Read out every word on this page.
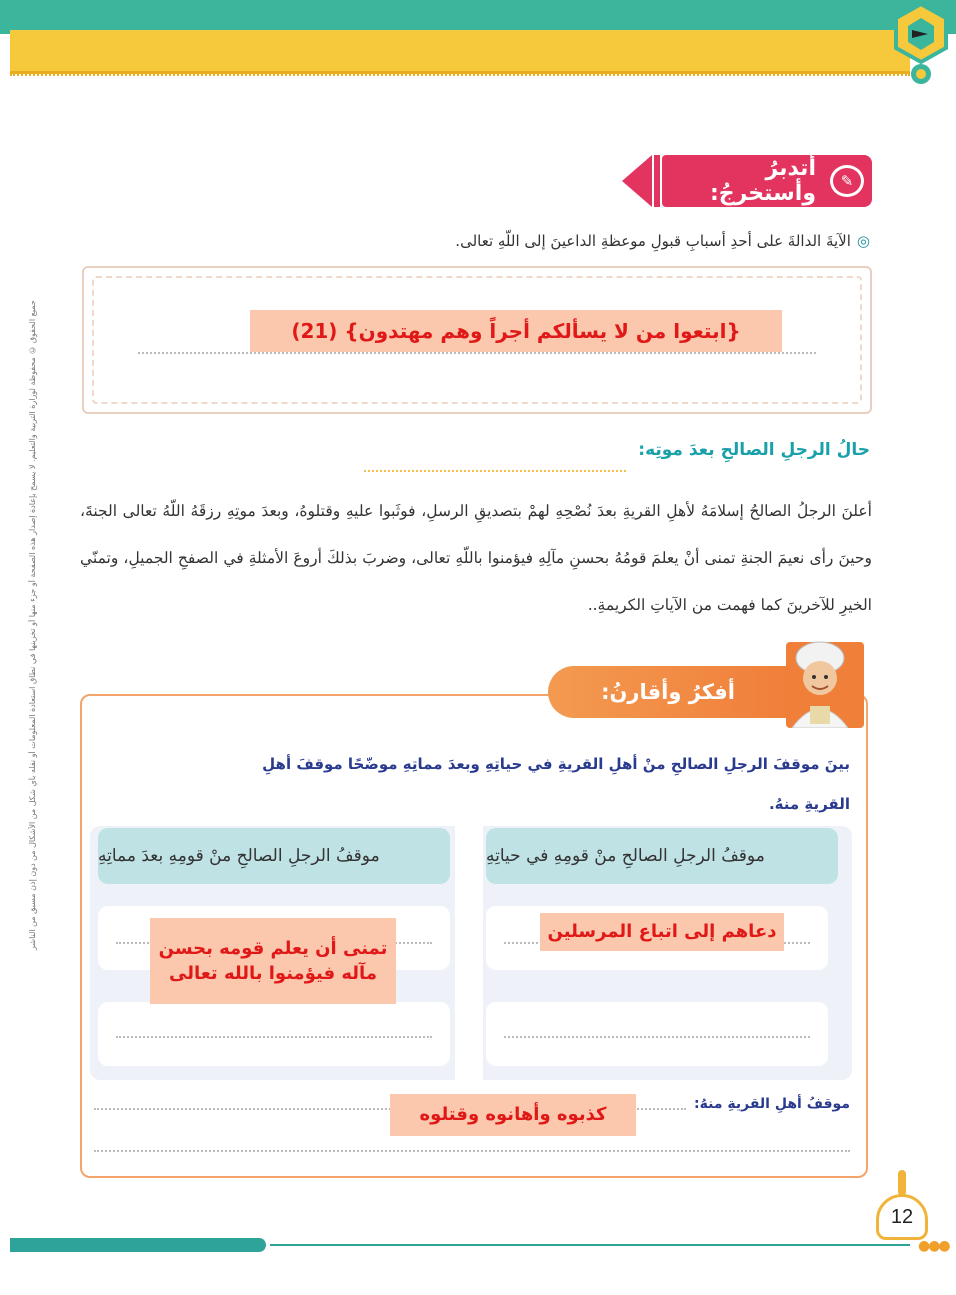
جميع الحقوق © محفوظة لوزارة التربية والتعليم. لا يسمح بإعادة إصدار هذه الصفحة أو جزء منها أو تخزينها في نطاق استعادة المعلومات أو نقله بأي شكل من الأشكال من دون إذن مسبق من الناشر
أتدبرُ وأستخرجُ:	✎
◎الآيةَ الدالةَ على أحدِ أسبابِ قبولِ موعظةِ الداعينَ إلى اللّهِ تعالى.
{ابتعوا من لا يسألكم أجراً وهم مهتدون} (21)
حالُ الرجلِ الصالحِ بعدَ موتِه:
أعلنَ الرجلُ الصالحُ إسلامَهُ لأهلِ القريةِ بعدَ نُصْحِهِ لهمْ بتصديقِ الرسلِ، فوثَبوا عليهِ وقتلوهُ، وبعدَ موتِهِ رزقَهُ اللّهُ تعالى الجنةَ، وحينَ رأى نعيمَ الجنةِ تمنى أنْ يعلمَ قومُهُ بحسنِ مآلِهِ فيؤمنوا باللّهِ تعالى، وضربَ بذلكَ أروعَ الأمثلةِ في الصفحِ الجميلِ، وتمنّي الخيرِ للآخرينَ كما فهمت من الآياتِ الكريمةِ..
أفكرُ وأقارنُ:
بينَ موقفَ الرجلِ الصالحِ منْ أهلِ القريةِ في حياتِهِ وبعدَ مماتِهِ موضّحًا موقفَ أهلِ القريةِ منهُ.
موقفُ الرجلِ الصالحِ منْ قومِهِ في حياتِهِ
موقفُ الرجلِ الصالحِ منْ قومِهِ بعدَ مماتِهِ
دعاهم إلى اتباع المرسلين
تمنى أن يعلم قومه بحسن مآله فيؤمنوا بالله تعالى
موقفُ أهلِ القريةِ منهُ:
كذبوه وأهانوه وقتلوه
12
●●●
